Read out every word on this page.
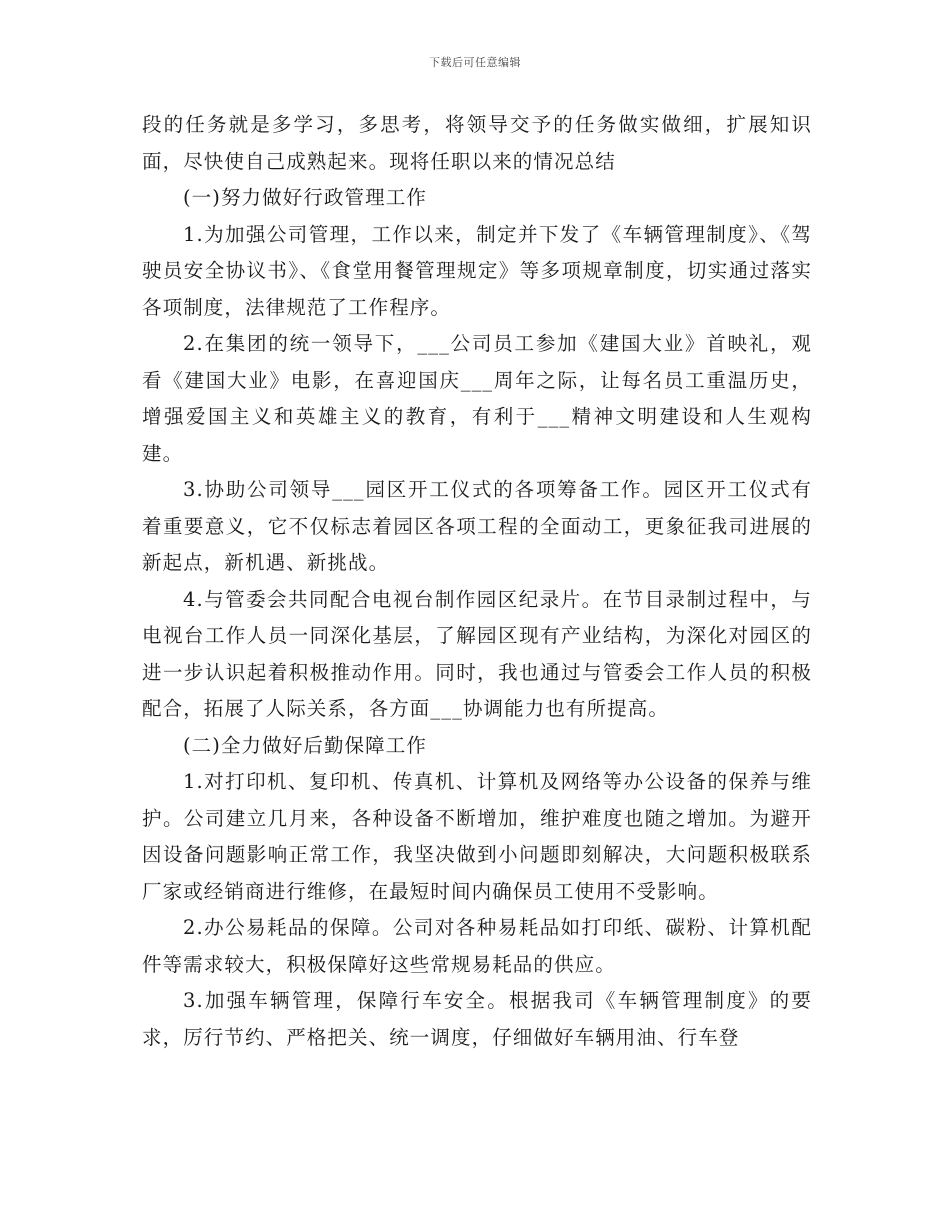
下载后可任意编辑

段的任务就是多学习，多思考，将领导交予的任务做实做细，扩展知识面，尽快使自己成熟起来。现将任职以来的情况总结

(一)努力做好行政管理工作

1.为加强公司管理，工作以来，制定并下发了《车辆管理制度》、《驾驶员安全协议书》、《食堂用餐管理规定》等多项规章制度，切实通过落实各项制度，法律规范了工作程序。

2.在集团的统一领导下，___公司员工参加《建国大业》首映礼，观看《建国大业》电影，在喜迎国庆___周年之际，让每名员工重温历史，增强爱国主义和英雄主义的教育，有利于___精神文明建设和人生观构建。

3.协助公司领导___园区开工仪式的各项筹备工作。园区开工仪式有着重要意义，它不仅标志着园区各项工程的全面动工，更象征我司进展的新起点，新机遇、新挑战。

4.与管委会共同配合电视台制作园区纪录片。在节目录制过程中，与电视台工作人员一同深化基层，了解园区现有产业结构，为深化对园区的进一步认识起着积极推动作用。同时，我也通过与管委会工作人员的积极配合，拓展了人际关系，各方面___协调能力也有所提高。

(二)全力做好后勤保障工作

1.对打印机、复印机、传真机、计算机及网络等办公设备的保养与维护。公司建立几月来，各种设备不断增加，维护难度也随之增加。为避开因设备问题影响正常工作，我坚决做到小问题即刻解决，大问题积极联系厂家或经销商进行维修，在最短时间内确保员工使用不受影响。

2.办公易耗品的保障。公司对各种易耗品如打印纸、碳粉、计算机配件等需求较大，积极保障好这些常规易耗品的供应。

3.加强车辆管理，保障行车安全。根据我司《车辆管理制度》的要求，厉行节约、严格把关、统一调度，仔细做好车辆用油、行车登
